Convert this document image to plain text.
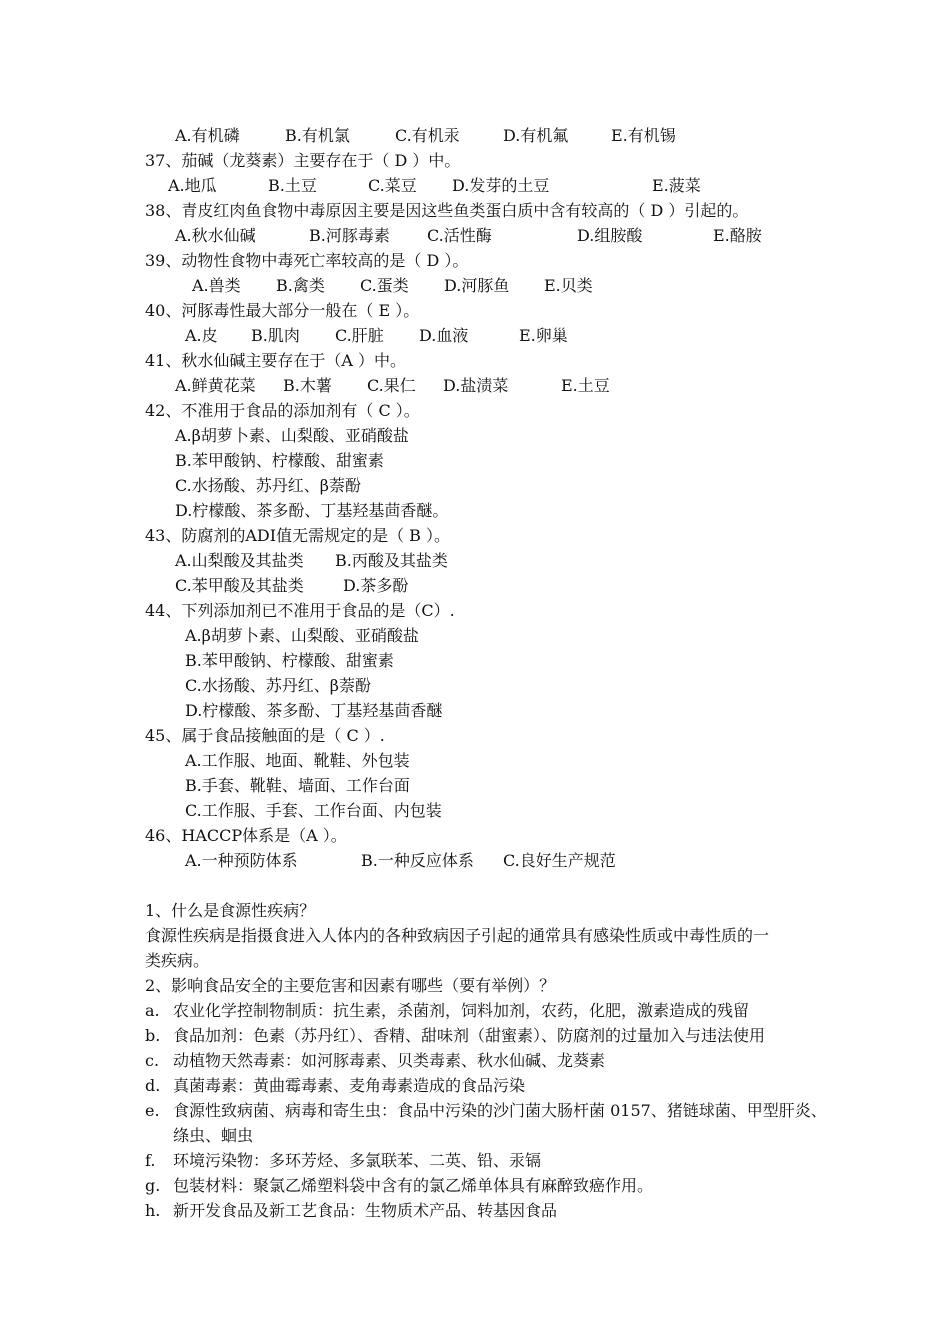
A.有机磷	B.有机氯	C.有机汞	D.有机氟	E.有机锡
37、茄碱（龙葵素）主要存在于（ D ）中。
A.地瓜	B.土豆	C.菜豆 D.发芽的土豆	E.菠菜
38、青皮红肉鱼食物中毒原因主要是因这些鱼类蛋白质中含有较高的（ D ）引起的。
A.秋水仙碱	B.河豚毒素 C.活性酶	D.组胺酸	E.酪胺
39、动物性食物中毒死亡率较高的是（ D ）。
A.兽类 B.禽类 C.蛋类 D.河豚鱼 E.贝类
40、河豚毒性最大部分一般在（ E ）。
A.皮 B.肌肉 C.肝脏 D.血液	E.卵巢
41、秋水仙碱主要存在于（A ）中。
A.鲜黄花菜 B.木薯 C.果仁 D.盐渍菜	E.土豆
42、不准用于食品的添加剂有（ C ）。
A.β胡萝卜素、山梨酸、亚硝酸盐
B.苯甲酸钠、柠檬酸、甜蜜素
C.水扬酸、苏丹红、β萘酚
D.柠檬酸、茶多酚、丁基羟基茴香醚。
43、防腐剂的ADI值无需规定的是（ B ）。
A.山梨酸及其盐类 B.丙酸及其盐类
C.苯甲酸及其盐类 D.茶多酚
44、下列添加剂已不准用于食品的是（C）.
A.β胡萝卜素、山梨酸、亚硝酸盐
B.苯甲酸钠、柠檬酸、甜蜜素
C.水扬酸、苏丹红、β萘酚
D.柠檬酸、茶多酚、丁基羟基茴香醚
45、属于食品接触面的是（ C ）.
A.工作服、地面、靴鞋、外包装
B.手套、靴鞋、墙面、工作台面
C.工作服、手套、工作台面、内包装
46、HACCP体系是（A ）。
A.一种预防体系	B.一种反应体系 C.良好生产规范
1、什么是食源性疾病？
食源性疾病是指摄食进入人体内的各种致病因子引起的通常具有感染性质或中毒性质的一
类疾病。
2、影响食品安全的主要危害和因素有哪些（要有举例）？
a. 农业化学控制物制质：抗生素，杀菌剂，饲料加剂，农药，化肥，激素造成的残留
b. 食品加剂：色素（苏丹红）、香精、甜味剂（甜蜜素）、防腐剂的过量加入与违法使用
c. 动植物天然毒素：如河豚毒素、贝类毒素、秋水仙碱、龙葵素
d. 真菌毒素：黄曲霉毒素、麦角毒素造成的食品污染
e. 食源性致病菌、病毒和寄生虫：食品中污染的沙门菌大肠杆菌 0157、猪链球菌、甲型肝炎、
绦虫、蛔虫
f. 环境污染物：多环芳烃、多氯联苯、二英、铅、汞镉
g. 包装材料：聚氯乙烯塑料袋中含有的氯乙烯单体具有麻醉致癌作用。
h. 新开发食品及新工艺食品：生物质术产品、转基因食品
